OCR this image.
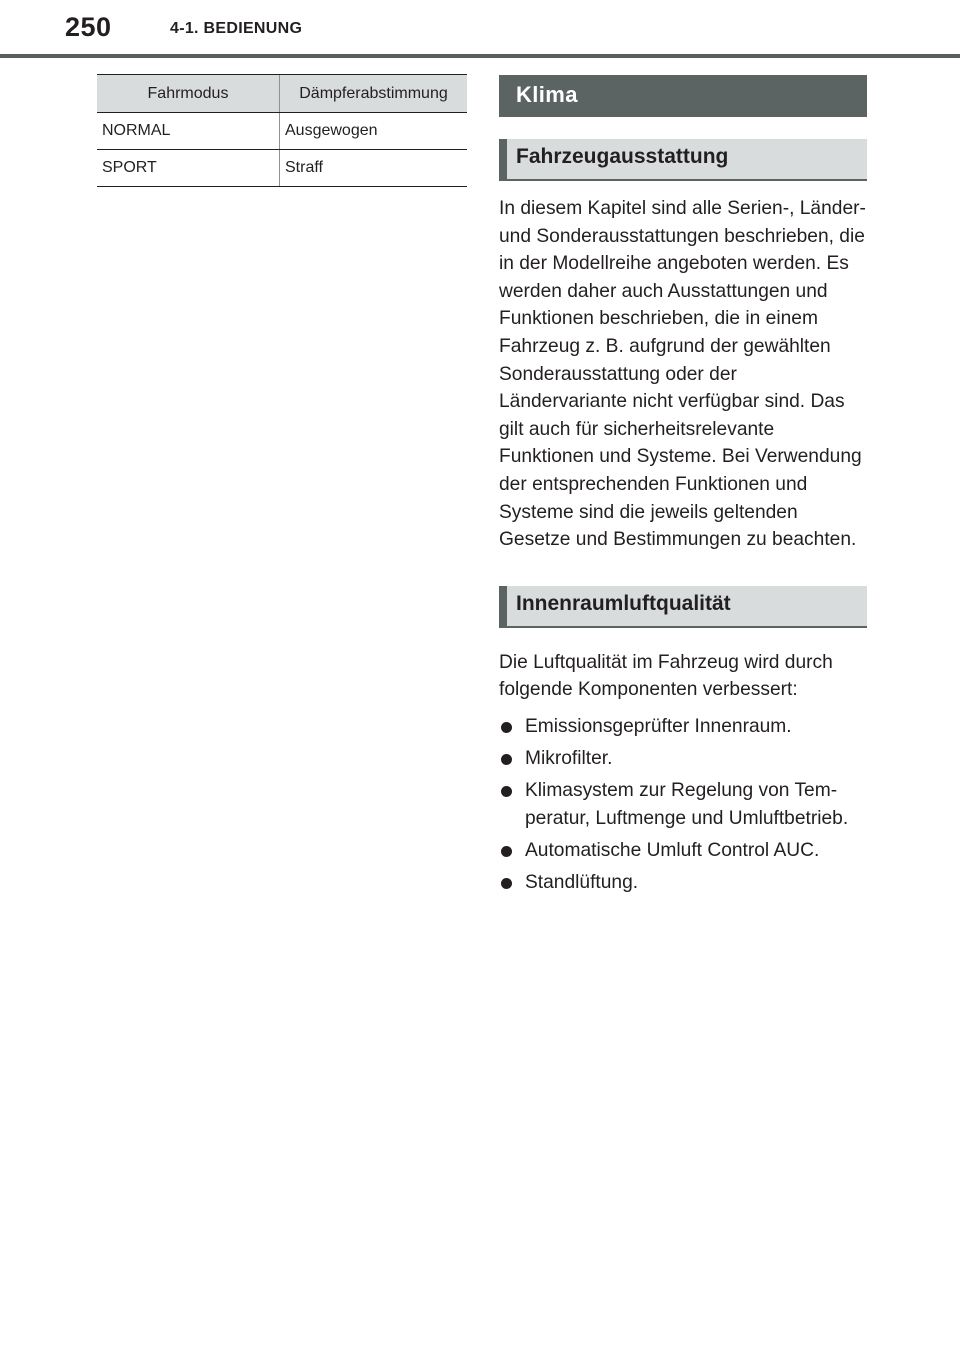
250	4-1. BEDIENUNG
Fahrmodus	Dämpferabstimmung
NORMAL	Ausgewogen
SPORT	Straff
Klima
Fahrzeugausstattung

In diesem Kapitel sind alle Serien-, Länder- und Sonderausstattungen beschrieben, die in der Modellreihe angeboten werden. Es werden daher auch Ausstattungen und Funktionen beschrieben, die in einem Fahrzeug z. B. aufgrund der gewählten Sonderausstattung oder der Ländervariante nicht verfügbar sind. Das gilt auch für sicherheitsrelevante Funktionen und Systeme. Bei Verwendung der entsprechenden Funktionen und Systeme sind die jeweils geltenden Gesetze und Bestimmungen zu beachten.

Innenraumluftqualität

Die Luftqualität im Fahrzeug wird durch folgende Komponenten verbessert:

Emissionsgeprüfter Innenraum.
Mikrofilter.
Klimasystem zur Regelung von Temperatur, Luftmenge und Umluftbetrieb.
Automatische Umluft Control AUC.
Standlüftung.
